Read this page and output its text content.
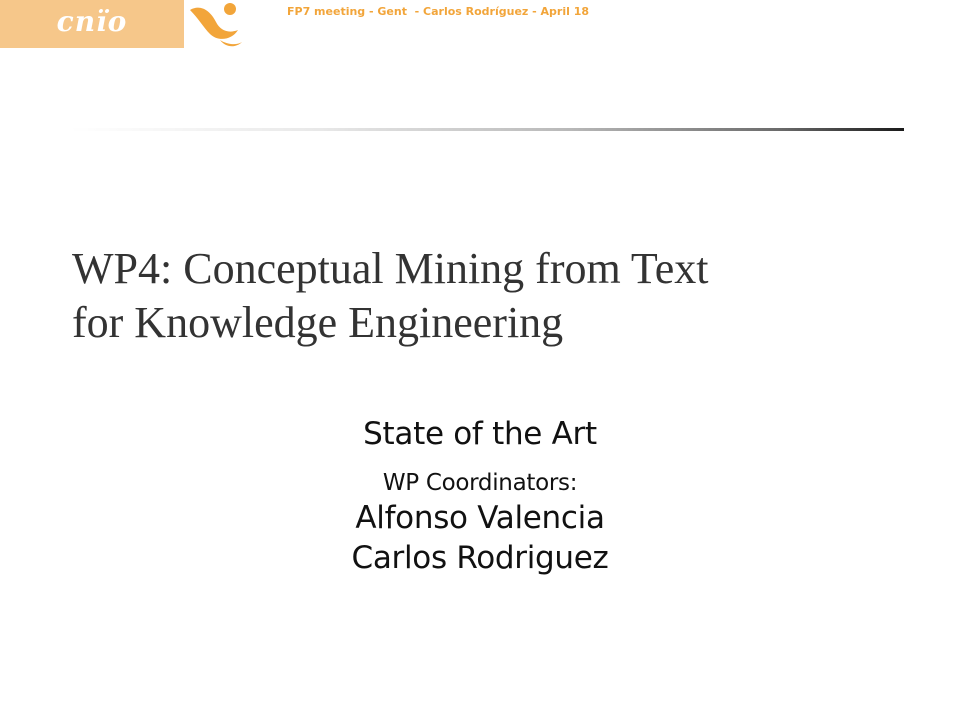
cnïo	FP7 meeting - Gent  - Carlos Rodríguez - April 18
WP4: Conceptual Mining from Text
for Knowledge Engineering
State of the Art
WP Coordinators:
Alfonso Valencia
Carlos Rodriguez
